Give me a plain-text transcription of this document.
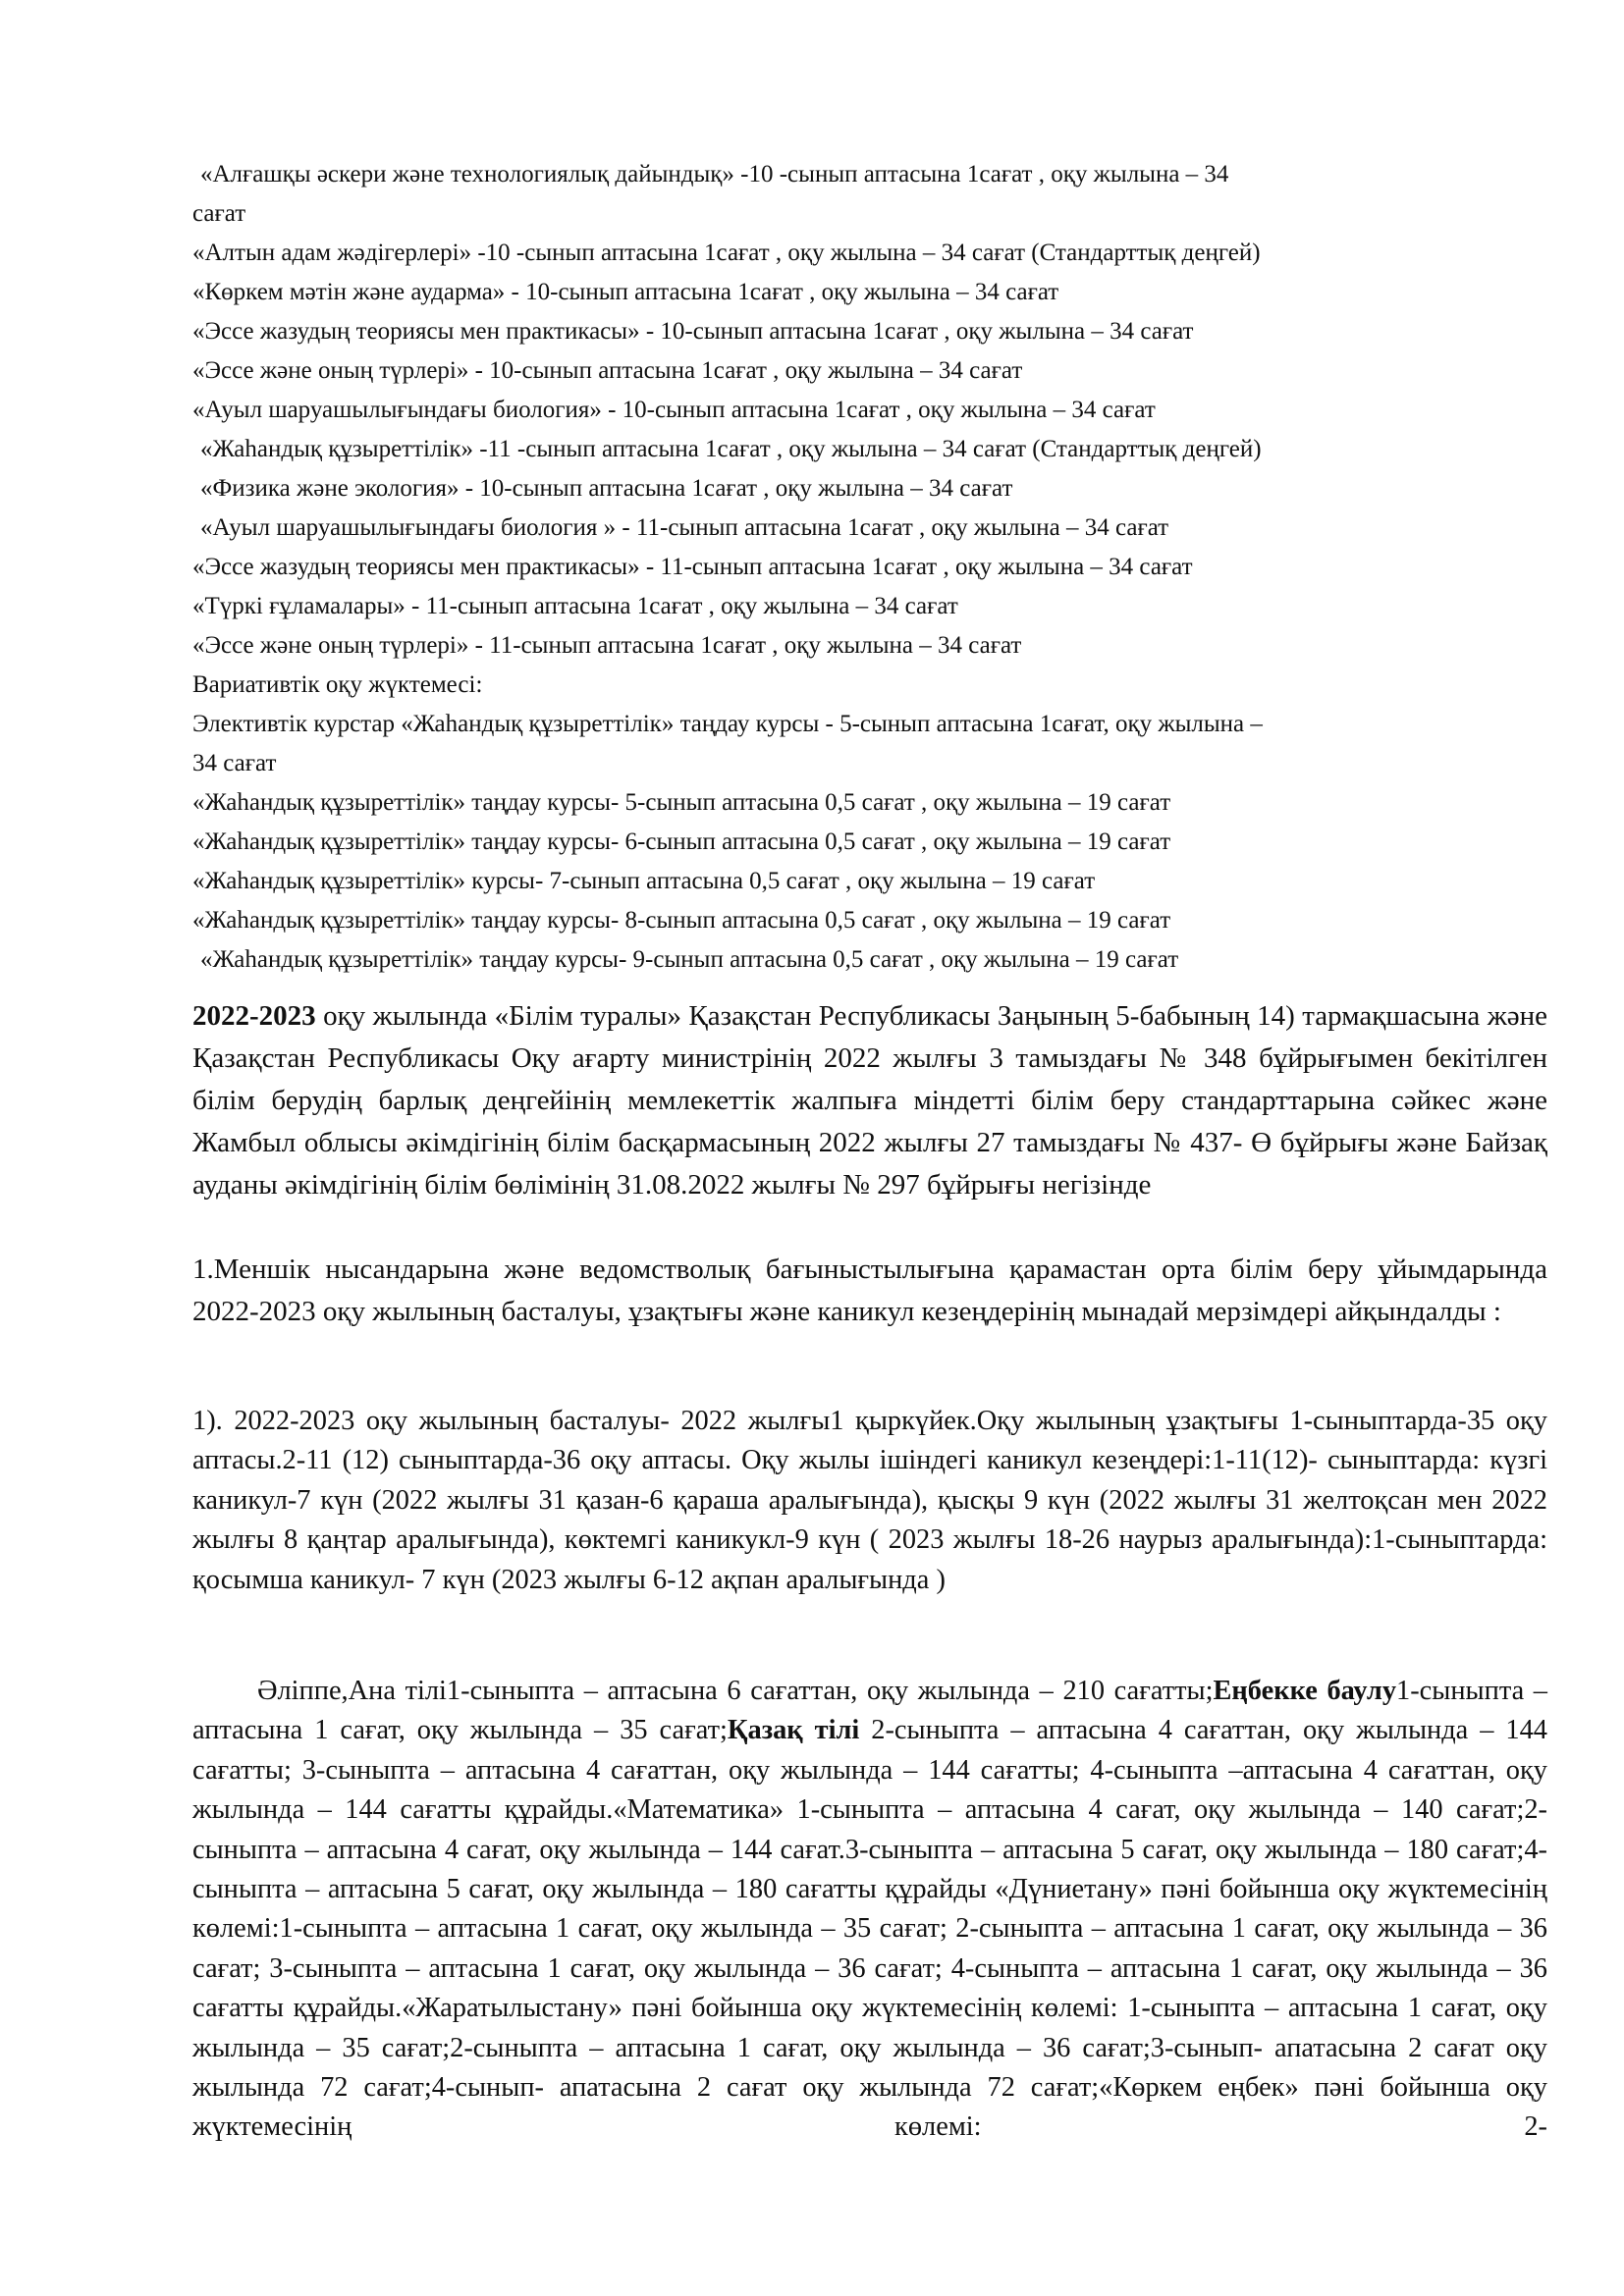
«Алғашқы әскери және технологиялық дайындық» -10 -сынып аптасына 1сағат , оқу жылына – 34
сағат
«Алтын адам жәдігерлері» -10 -сынып аптасына 1сағат , оқу жылына – 34 сағат (Стандарттық деңгей)
«Көркем мәтін және аударма» - 10-сынып аптасына 1сағат , оқу жылына – 34 сағат
«Эссе жазудың теориясы мен практикасы» - 10-сынып аптасына 1сағат , оқу жылына – 34 сағат
«Эссе және оның түрлері» - 10-сынып аптасына 1сағат , оқу жылына – 34 сағат
«Ауыл шаруашылығындағы биология» - 10-сынып аптасына 1сағат , оқу жылына – 34 сағат
«Жаһандық құзыреттілік» -11 -сынып аптасына 1сағат , оқу жылына – 34 сағат (Стандарттық деңгей)
«Физика және экология» - 10-сынып аптасына 1сағат , оқу жылына – 34 сағат
«Ауыл шаруашылығындағы биология » - 11-сынып аптасына 1сағат , оқу жылына – 34 сағат
«Эссе жазудың теориясы мен практикасы» - 11-сынып аптасына 1сағат , оқу жылына – 34 сағат
«Түркі ғұламалары» - 11-сынып аптасына 1сағат , оқу жылына – 34 сағат
«Эссе және оның түрлері» - 11-сынып аптасына 1сағат , оқу жылына – 34 сағат
Вариативтік оқу жүктемесі:
Элективтік курстар «Жаһандық құзыреттілік» таңдау курсы - 5-сынып аптасына 1сағат, оқу жылына –
34 сағат
«Жаһандық құзыреттілік» таңдау курсы- 5-сынып аптасына 0,5 сағат , оқу жылына – 19 сағат
«Жаһандық құзыреттілік» таңдау курсы- 6-сынып аптасына 0,5 сағат , оқу жылына – 19 сағат
«Жаһандық құзыреттілік» курсы- 7-сынып аптасына 0,5 сағат , оқу жылына – 19 сағат
«Жаһандық құзыреттілік» таңдау курсы- 8-сынып аптасына 0,5 сағат , оқу жылына – 19 сағат
«Жаһандық құзыреттілік» таңдау курсы- 9-сынып аптасына 0,5 сағат , оқу жылына – 19 сағат
2022-2023 оқу жылында «Білім туралы» Қазақстан Республикасы Заңының 5-бабының 14) тармақшасына және Қазақстан Республикасы Оқу ағарту министрінің 2022 жылғы 3 тамыздағы № 348 бұйрығымен бекітілген білім берудің барлық деңгейінің мемлекеттік жалпыға міндетті білім беру стандарттарына сәйкес және Жамбыл облысы әкімдігінің білім басқармасының 2022 жылғы 27 тамыздағы № 437- Ө бұйрығы және Байзақ ауданы әкімдігінің білім бөлімінің 31.08.2022 жылғы № 297 бұйрығы негізінде
1.Меншік нысандарына және ведомстволық бағыныстылығына қарамастан орта білім беру ұйымдарында 2022-2023 оқу жылының басталуы, ұзақтығы және каникул кезеңдерінің мынадай мерзімдері айқындалды :
1). 2022-2023 оқу жылының басталуы- 2022 жылғы1 қыркүйек.Оқу жылының ұзақтығы 1-сыныптарда-35 оқу аптасы.2-11 (12) сыныптарда-36 оқу аптасы. Оқу жылы ішіндегі каникул кезеңдері:1-11(12)- сыныптарда: күзгі каникул-7 күн (2022 жылғы 31 қазан-6 қараша аралығында), қысқы 9 күн (2022 жылғы 31 желтоқсан мен 2022 жылғы 8 қаңтар аралығында), көктемгі каникукл-9 күн ( 2023 жылғы 18-26 наурыз аралығында):1-сыныптарда: қосымша каникул- 7 күн (2023 жылғы 6-12 ақпан аралығында )
Әліппе,Ана тілі1-сыныпта – аптасына 6 сағаттан, оқу жылында – 210 сағатты;Еңбекке баулу1-сыныпта – аптасына 1 сағат, оқу жылында – 35 сағат;Қазақ тілі 2-сыныпта – аптасына 4 сағаттан, оқу жылында – 144 сағатты; 3-сыныпта – аптасына 4 сағаттан, оқу жылында – 144 сағатты; 4-сыныпта –аптасына 4 сағаттан, оқу жылында – 144 сағатты құрайды.«Математика» 1-сыныпта – аптасына 4 сағат, оқу жылында – 140 сағат;2-сыныпта – аптасына 4 сағат, оқу жылында – 144 сағат.3-сыныпта – аптасына 5 сағат, оқу жылында – 180 сағат;4-сыныпта – аптасына 5 сағат, оқу жылында – 180 сағатты құрайды «Дүниетану» пәні бойынша оқу жүктемесінің көлемі:1-сыныпта – аптасына 1 сағат, оқу жылында – 35 сағат; 2-сыныпта – аптасына 1 сағат, оқу жылында – 36 сағат; 3-сыныпта – аптасына 1 сағат, оқу жылында – 36 сағат; 4-сыныпта – аптасына 1 сағат, оқу жылында – 36 сағатты құрайды.«Жаратылыстану» пәні бойынша оқу жүктемесінің көлемі: 1-сыныпта – аптасына 1 сағат, оқу жылында – 35 сағат;2-сыныпта – аптасына 1 сағат, оқу жылында – 36 сағат;3-сынып- апатасына 2 сағат оқу жылында 72 сағат;4-сынып- апатасына 2 сағат оқу жылында 72 сағат;«Көркем еңбек» пәні бойынша оқу жүктемесінің көлемі: 2-
